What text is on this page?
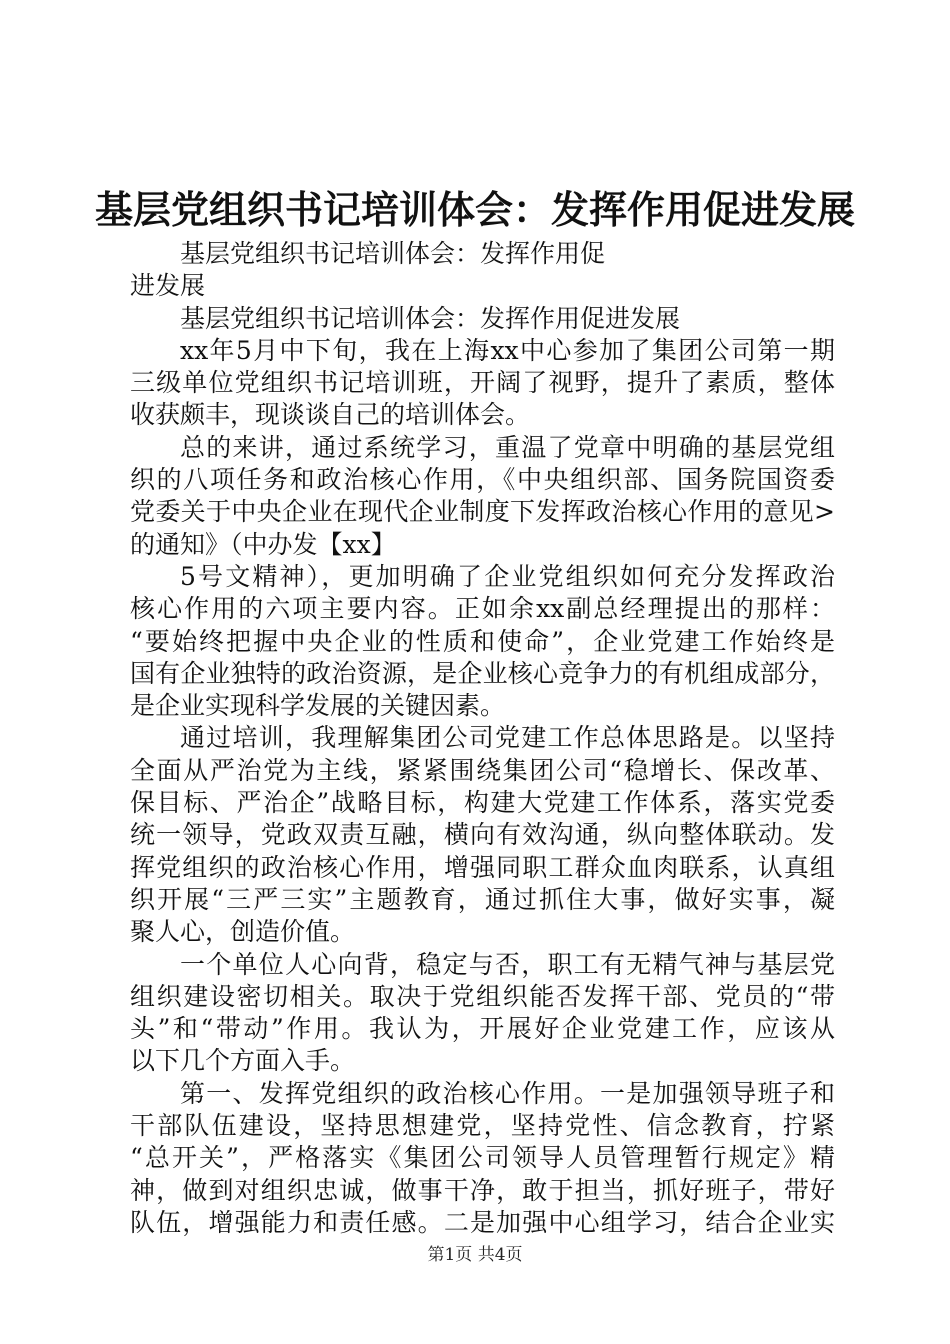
基层党组织书记培训体会：发挥作用促进发展
基层党组织书记培训体会：发挥作用促
进发展
基层党组织书记培训体会：发挥作用促进发展
xx年5月中下旬，我在上海xx中心参加了集团公司第一期
三级单位党组织书记培训班，开阔了视野，提升了素质，整体
收获颇丰，现谈谈自己的培训体会。
总的来讲，通过系统学习，重温了党章中明确的基层党组
织的八项任务和政治核心作用，《中央组织部、国务院国资委
党委关于中央企业在现代企业制度下发挥政治核心作用的意见>
的通知》（中办发【xx】
5号文精神），更加明确了企业党组织如何充分发挥政治
核心作用的六项主要内容。正如余xx副总经理提出的那样：
“要始终把握中央企业的性质和使命”，企业党建工作始终是
国有企业独特的政治资源，是企业核心竞争力的有机组成部分，
是企业实现科学发展的关键因素。
通过培训，我理解集团公司党建工作总体思路是。以坚持
全面从严治党为主线，紧紧围绕集团公司“稳增长、保改革、
保目标、严治企”战略目标，构建大党建工作体系，落实党委
统一领导，党政双责互融，横向有效沟通，纵向整体联动。发
挥党组织的政治核心作用，增强同职工群众血肉联系，认真组
织开展“三严三实”主题教育，通过抓住大事，做好实事，凝
聚人心，创造价值。
一个单位人心向背，稳定与否，职工有无精气神与基层党
组织建设密切相关。取决于党组织能否发挥干部、党员的“带
头”和“带动”作用。我认为，开展好企业党建工作，应该从
以下几个方面入手。
第一、发挥党组织的政治核心作用。一是加强领导班子和
干部队伍建设，坚持思想建党，坚持党性、信念教育，拧紧
“总开关”，严格落实《集团公司领导人员管理暂行规定》精
神，做到对组织忠诚，做事干净，敢于担当，抓好班子，带好
队伍，增强能力和责任感。二是加强中心组学习，结合企业实
第1页 共4页
